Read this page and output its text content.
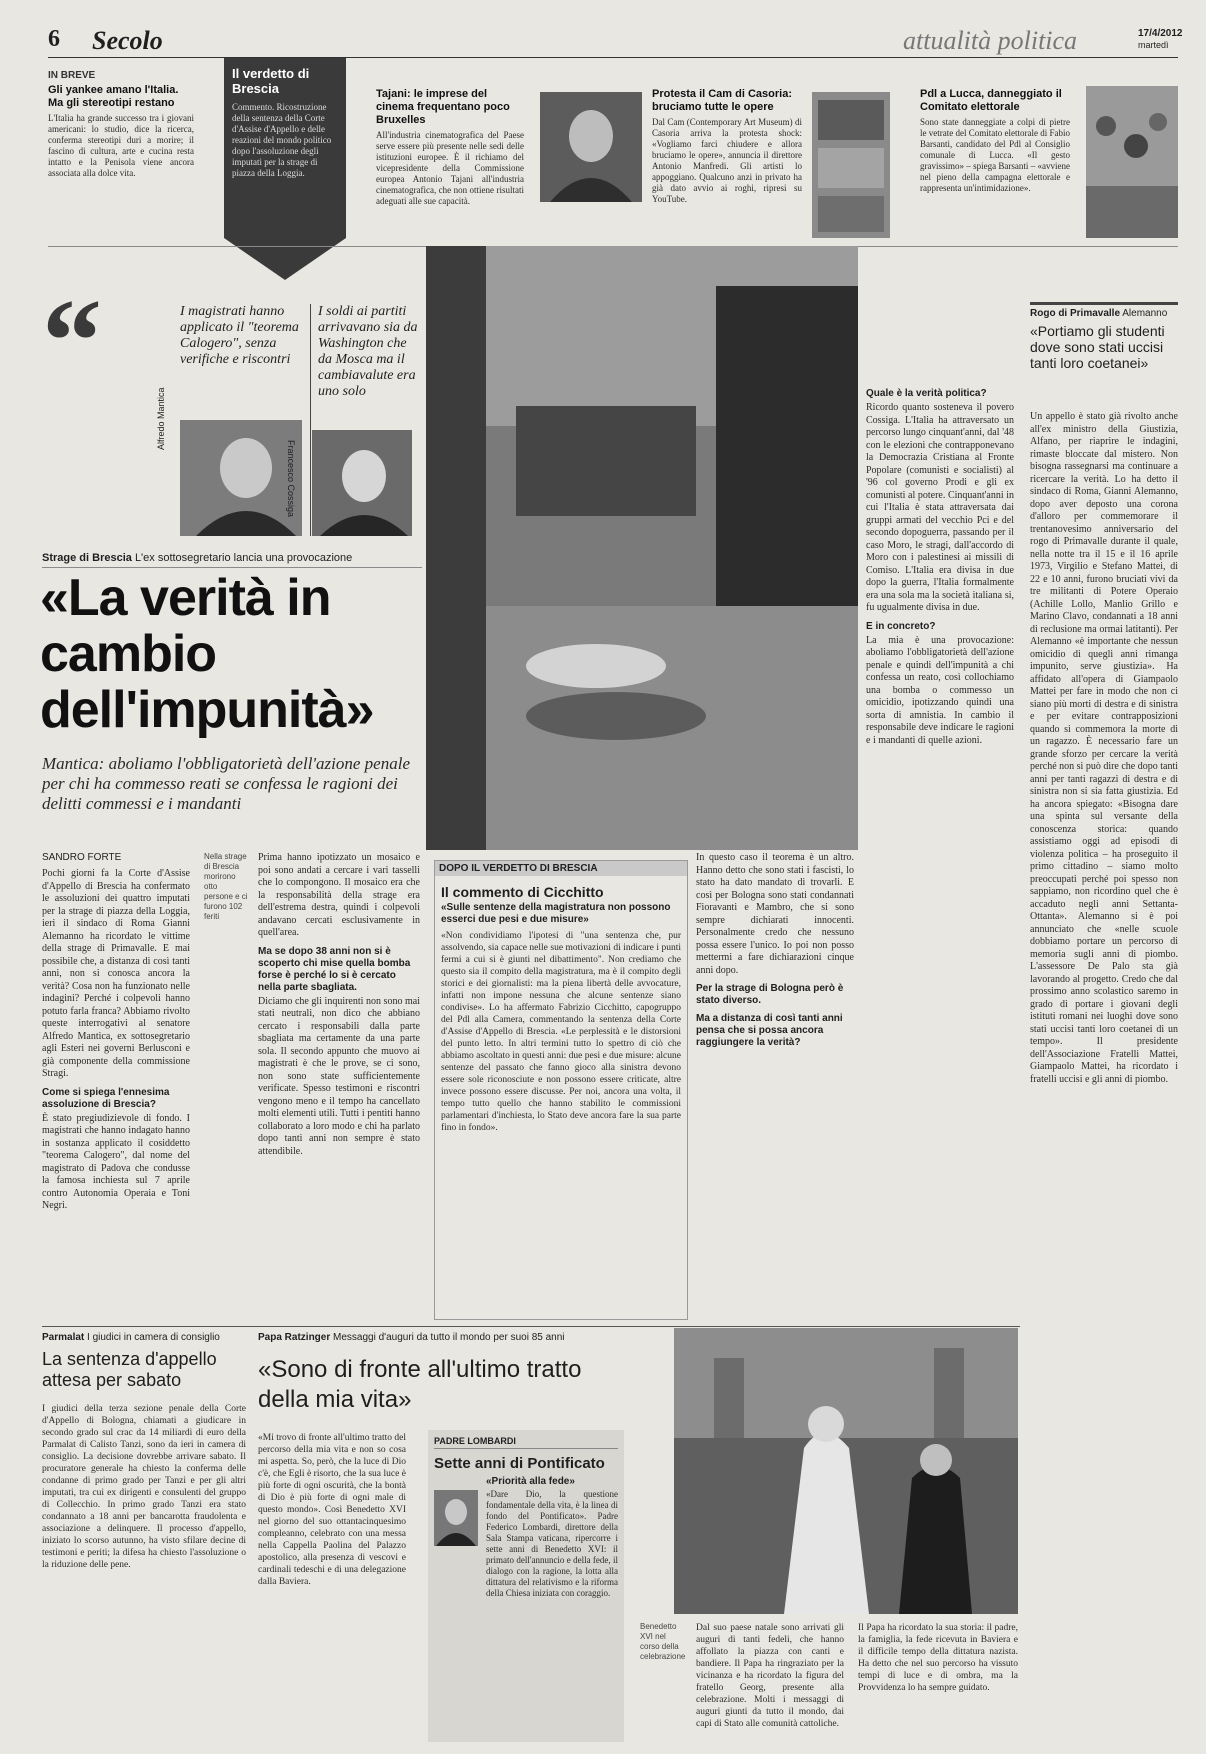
6 Secolo	attualità politica	17/4/2012
martedì
IN BREVE
Gli yankee amano l'Italia. Ma gli stereotipi restano
L'Italia ha grande successo tra i giovani americani: lo studio, dice la ricerca, conferma stereotipi duri a morire; il fascino di cultura, arte e cucina resta intatto e la Penisola viene ancora associata alla dolce vita.
Il verdetto di Brescia
Commento. Ricostruzione della sentenza della Corte d'Assise d'Appello e delle reazioni del mondo politico dopo l'assoluzione degli imputati per la strage di piazza della Loggia.
Tajani: le imprese del cinema frequentano poco Bruxelles
All'industria cinematografica del Paese serve essere più presente nelle sedi delle istituzioni europee. È il richiamo del vicepresidente della Commissione europea Antonio Tajani all'industria cinematografica, che non ottiene risultati adeguati alle sue capacità.
Protesta il Cam di Casoria: bruciamo tutte le opere
Dal Cam (Contemporary Art Museum) di Casoria arriva la protesta shock: «Vogliamo farci chiudere e allora bruciamo le opere», annuncia il direttore Antonio Manfredi. Gli artisti lo appoggiano. Qualcuno anzi in privato ha già dato avvio ai roghi, ripresi su YouTube.
Pdl a Lucca, danneggiato il Comitato elettorale
Sono state danneggiate a colpi di pietre le vetrate del Comitato elettorale di Fabio Barsanti, candidato del Pdl al Consiglio comunale di Lucca. «Il gesto gravissimo» – spiega Barsanti – «avviene nel pieno della campagna elettorale e rappresenta un'intimidazione».
“	I magistrati hanno applicato il "teorema Calogero", senza verifiche e riscontri
Alfredo Mantica
I soldi ai partiti arrivavano sia da Washington che da Mosca ma il cambiavalute era uno solo
Francesco Cossiga
Strage di Brescia L'ex sottosegretario lancia una provocazione
«La verità in cambio dell'impunità»
Mantica: aboliamo l'obbligatorietà dell'azione penale per chi ha commesso reati se confessa le ragioni dei delitti commessi e i mandanti
SANDRO FORTE
Pochi giorni fa la Corte d'Assise d'Appello di Brescia ha confermato le assoluzioni dei quattro imputati per la strage di piazza della Loggia, ieri il sindaco di Roma Gianni Alemanno ha ricordato le vittime della strage di Primavalle. E mai possibile che, a distanza di così tanti anni, non si conosca ancora la verità? Cosa non ha funzionato nelle indagini? Perché i colpevoli hanno potuto farla franca? Abbiamo rivolto queste interrogativi al senatore Alfredo Mantica, ex sottosegretario agli Esteri nei governi Berlusconi e già componente della commissione Stragi.
Come si spiega l'ennesima assoluzione di Brescia?
È stato pregiudizievole di fondo. I magistrati che hanno indagato hanno in sostanza applicato il cosiddetto "teorema Calogero", dal nome del magistrato di Padova che condusse la famosa inchiesta sul 7 aprile contro Autonomia Operaia e Toni Negri.
Nella strage di Brescia morirono otto persone e ci furono 102 feriti
Prima hanno ipotizzato un mosaico e poi sono andati a cercare i vari tasselli che lo compongono. Il mosaico era che la responsabilità della strage era dell'estrema destra, quindi i colpevoli andavano cercati esclusivamente in quell'area.
Ma se dopo 38 anni non si è scoperto chi mise quella bomba forse è perché lo si è cercato nella parte sbagliata.
Diciamo che gli inquirenti non sono mai stati neutrali, non dico che abbiano cercato i responsabili dalla parte sbagliata ma certamente da una parte sola. Il secondo appunto che muovo ai magistrati è che le prove, se ci sono, non sono state sufficientemente verificate. Spesso testimoni e riscontri vengono meno e il tempo ha cancellato molti elementi utili. Tutti i pentiti hanno collaborato a loro modo e chi ha parlato dopo tanti anni non sempre è stato attendibile.
DOPO IL VERDETTO DI BRESCIA
Il commento di Cicchitto
«Sulle sentenze della magistratura non possono esserci due pesi e due misure»
«Non condividiamo l'ipotesi di "una sentenza che, pur assolvendo, sia capace nelle sue motivazioni di indicare i punti fermi a cui si è giunti nel dibattimento". Non crediamo che questo sia il compito della magistratura, ma è il compito degli storici e dei giornalisti: ma la piena libertà delle avvocature, infatti non impone nessuna che alcune sentenze siano condivise». Lo ha affermato Fabrizio Cicchitto, capogruppo del Pdl alla Camera, commentando la sentenza della Corte d'Assise d'Appello di Brescia. «Le perplessità e le distorsioni del punto letto. In altri termini tutto lo spettro di ciò che abbiamo ascoltato in questi anni: due pesi e due misure: alcune sentenze del passato che fanno gioco alla sinistra devono essere sole riconosciute e non possono essere criticate, altre invece possono essere discusse. Per noi, ancora una volta, il tempo tutto quello che hanno stabilito le commissioni parlamentari d'inchiesta, lo Stato deve ancora fare la sua parte fino in fondo».
In questo caso il teorema è un altro. Hanno detto che sono stati i fascisti, lo stato ha dato mandato di trovarli. E così per Bologna sono stati condannati Fioravanti e Mambro, che si sono sempre dichiarati innocenti. Personalmente credo che nessuno possa essere l'unico. Io poi non posso mettermi a fare dichiarazioni cinque anni dopo.
Per la strage di Bologna però è stato diverso.
Ma a distanza di così tanti anni pensa che si possa ancora raggiungere la verità?
Quale è la verità politica?
Ricordo quanto sosteneva il povero Cossiga. L'Italia ha attraversato un percorso lungo cinquant'anni, dal '48 con le elezioni che contrapponevano la Democrazia Cristiana al Fronte Popolare (comunisti e socialisti) al '96 col governo Prodi e gli ex comunisti al potere. Cinquant'anni in cui l'Italia è stata attraversata dai gruppi armati del vecchio Pci e del secondo dopoguerra, passando per il caso Moro, le stragi, dall'accordo di Moro con i palestinesi ai missili di Comiso. L'Italia era divisa in due dopo la guerra, l'Italia formalmente era una sola ma la società italiana si, fu ugualmente divisa in due.
E in concreto?
La mia è una provocazione: aboliamo l'obbligatorietà dell'azione penale e quindi dell'impunità a chi confessa un reato, così collochiamo una bomba o commesso un omicidio, ipotizzando quindi una sorta di amnistia. In cambio il responsabile deve indicare le ragioni e i mandanti di quelle azioni.
Rogo di Primavalle Alemanno
«Portiamo gli studenti dove sono stati uccisi tanti loro coetanei»
Un appello è stato già rivolto anche all'ex ministro della Giustizia, Alfano, per riaprire le indagini, rimaste bloccate dal mistero. Non bisogna rassegnarsi ma continuare a ricercare la verità. Lo ha detto il sindaco di Roma, Gianni Alemanno, dopo aver deposto una corona d'alloro per commemorare il trentanovesimo anniversario del rogo di Primavalle durante il quale, nella notte tra il 15 e il 16 aprile 1973, Virgilio e Stefano Mattei, di 22 e 10 anni, furono bruciati vivi da tre militanti di Potere Operaio (Achille Lollo, Manlio Grillo e Marino Clavo, condannati a 18 anni di reclusione ma ormai latitanti). Per Alemanno «è importante che nessun omicidio di quegli anni rimanga impunito, serve giustizia». Ha affidato all'opera di Giampaolo Mattei per fare in modo che non ci siano più morti di destra e di sinistra e per evitare contrapposizioni quando si commemora la morte di un ragazzo. È necessario fare un grande sforzo per cercare la verità perché non si può dire che dopo tanti anni per tanti ragazzi di destra e di sinistra non si sia fatta giustizia. Ed ha ancora spiegato: «Bisogna dare una spinta sul versante della conoscenza storica: quando assistiamo oggi ad episodi di violenza politica – ha proseguito il primo cittadino – siamo molto preoccupati perché poi spesso non sappiamo, non ricordino quel che è accaduto negli anni Settanta-Ottanta». Alemanno si è poi annunciato che «nelle scuole dobbiamo portare un percorso di memoria sugli anni di piombo. L'assessore De Palo sta già lavorando al progetto. Credo che dal prossimo anno scolastico saremo in grado di portare i giovani degli istituti romani nei luoghi dove sono stati uccisi tanti loro coetanei di un tempo». Il presidente dell'Associazione Fratelli Mattei, Giampaolo Mattei, ha ricordato i fratelli uccisi e gli anni di piombo.
Parmalat I giudici in camera di consiglio
La sentenza d'appello attesa per sabato
I giudici della terza sezione penale della Corte d'Appello di Bologna, chiamati a giudicare in secondo grado sul crac da 14 miliardi di euro della Parmalat di Calisto Tanzi, sono da ieri in camera di consiglio. La decisione dovrebbe arrivare sabato. Il procuratore generale ha chiesto la conferma delle condanne di primo grado per Tanzi e per gli altri imputati, tra cui ex dirigenti e consulenti del gruppo di Collecchio. In primo grado Tanzi era stato condannato a 18 anni per bancarotta fraudolenta e associazione a delinquere. Il processo d'appello, iniziato lo scorso autunno, ha visto sfilare decine di testimoni e periti; la difesa ha chiesto l'assoluzione o la riduzione delle pene.
Papa Ratzinger Messaggi d'auguri da tutto il mondo per suoi 85 anni
«Sono di fronte all'ultimo tratto della mia vita»
«Mi trovo di fronte all'ultimo tratto del percorso della mia vita e non so cosa mi aspetta. So, però, che la luce di Dio c'è, che Egli è risorto, che la sua luce è più forte di ogni oscurità, che la bontà di Dio è più forte di ogni male di questo mondo». Così Benedetto XVI nel giorno del suo ottantacinquesimo compleanno, celebrato con una messa nella Cappella Paolina del Palazzo apostolico, alla presenza di vescovi e cardinali tedeschi e di una delegazione dalla Baviera.
PADRE LOMBARDI
Sette anni di Pontificato
«Priorità alla fede»
«Dare Dio, la questione fondamentale della vita, è la linea di fondo del Pontificato». Padre Federico Lombardi, direttore della Sala Stampa vaticana, ripercorre i sette anni di Benedetto XVI: il primato dell'annuncio e della fede, il dialogo con la ragione, la lotta alla dittatura del relativismo e la riforma della Chiesa iniziata con coraggio.
Benedetto XVI nel corso della celebrazione
Dal suo paese natale sono arrivati gli auguri di tanti fedeli, che hanno affollato la piazza con canti e bandiere. Il Papa ha ringraziato per la vicinanza e ha ricordato la figura del fratello Georg, presente alla celebrazione. Molti i messaggi di auguri giunti da tutto il mondo, dai capi di Stato alle comunità cattoliche.
Il Papa ha ricordato la sua storia: il padre, la famiglia, la fede ricevuta in Baviera e il difficile tempo della dittatura nazista. Ha detto che nel suo percorso ha vissuto tempi di luce e di ombra, ma la Provvidenza lo ha sempre guidato.
